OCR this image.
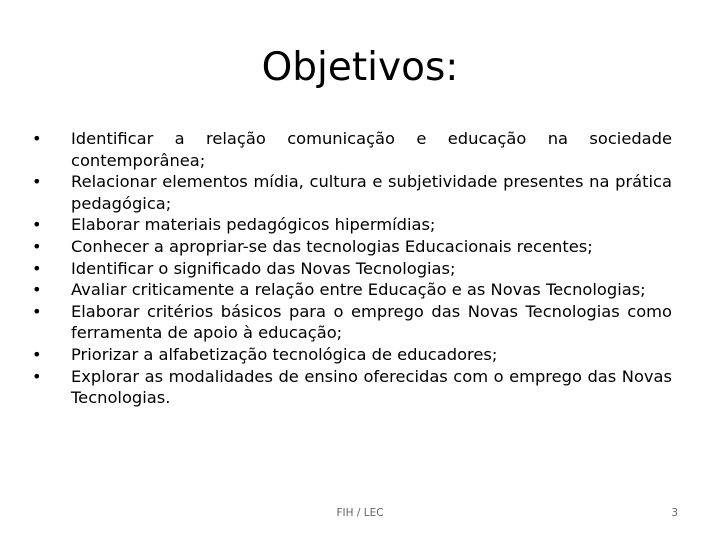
Objetivos:
• Identificar a relação comunicação e educação na sociedade contemporânea;
• Relacionar elementos mídia, cultura e subjetividade presentes na prática pedagógica;
• Elaborar materiais pedagógicos hipermídias;
• Conhecer a apropriar-se das tecnologias Educacionais recentes;
• Identificar o significado das Novas Tecnologias;
• Avaliar criticamente a relação entre Educação e as Novas Tecnologias;
• Elaborar critérios básicos para o emprego das Novas Tecnologias como ferramenta de apoio à educação;
• Priorizar a alfabetização tecnológica de educadores;
• Explorar as modalidades de ensino oferecidas com o emprego das Novas Tecnologias.
FIH / LEC	3
